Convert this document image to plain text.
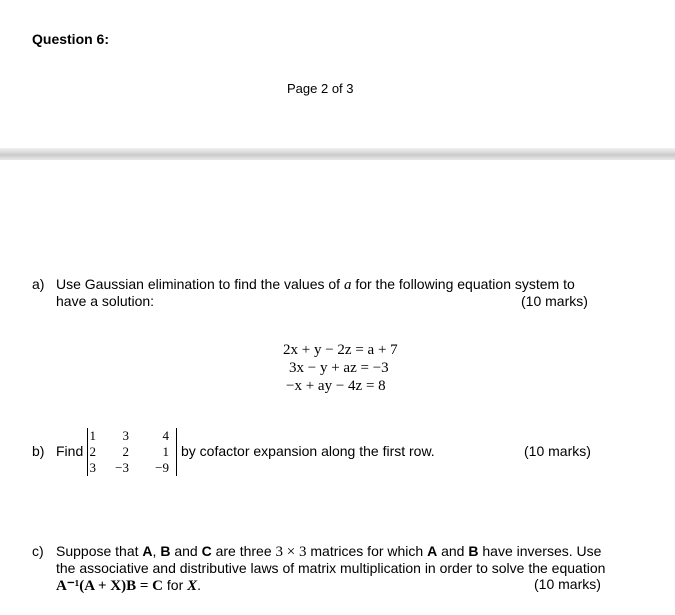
Question 6:
Page 2 of 3
a) Use Gaussian elimination to find the values of a for the following equation system to
have a solution:	(10 marks)
2x + y − 2z = a + 7
3x − y + az = −3
−x + ay − 4z = 8
b) Find
1	3	4
2	2	1
3	−3	−9
by cofactor expansion along the first row.	(10 marks)
c) Suppose that A, B and C are three 3 × 3 matrices for which A and B have inverses. Use
the associative and distributive laws of matrix multiplication in order to solve the equation
A⁻¹(A + X)B = C for X.	(10 marks)
